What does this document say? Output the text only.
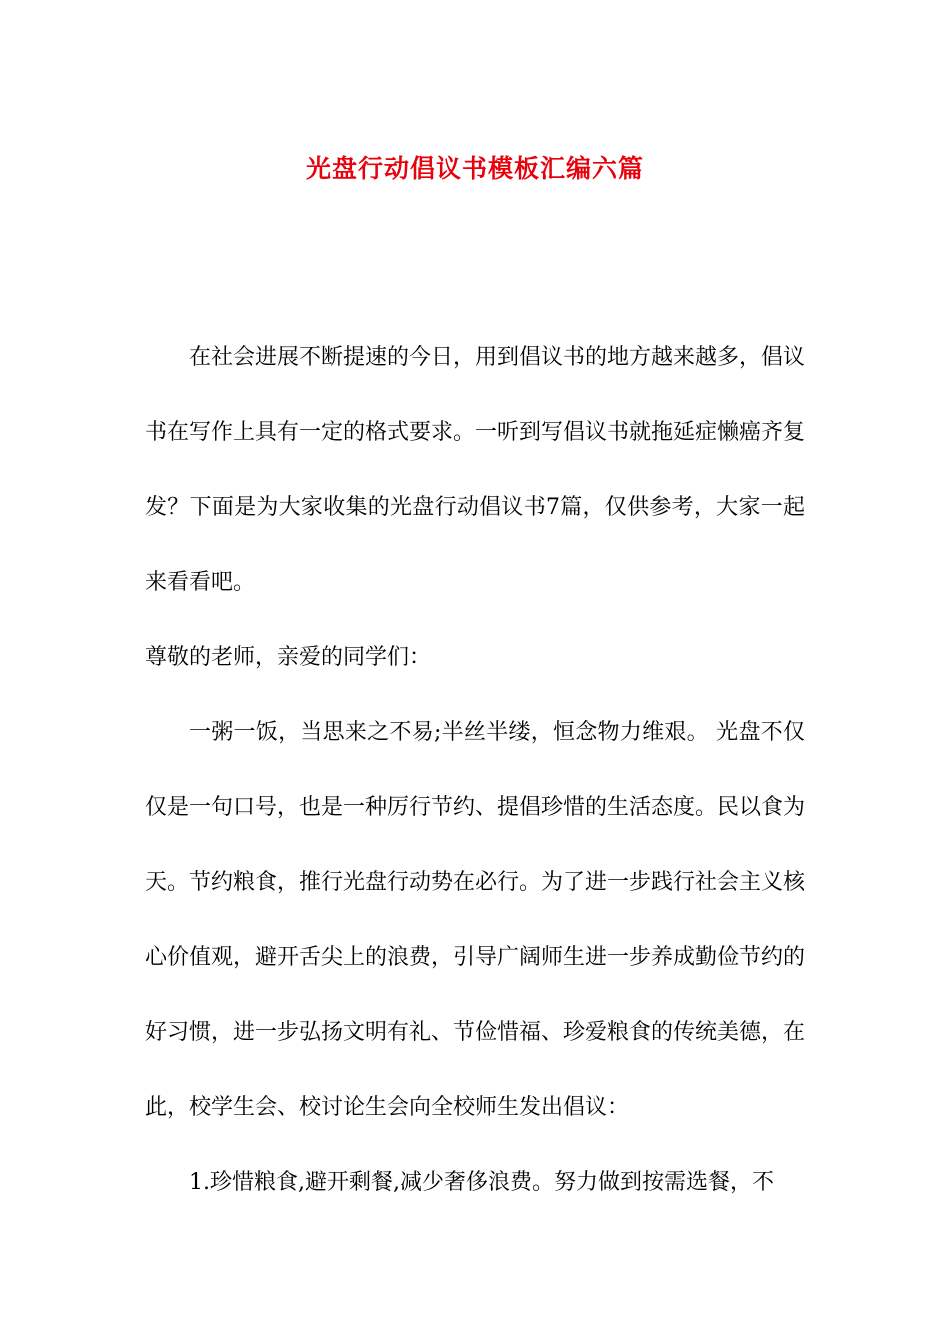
光盘行动倡议书模板汇编六篇

在社会进展不断提速的今日，用到倡议书的地方越来越多，倡议书在写作上具有一定的格式要求。一听到写倡议书就拖延症懒癌齐复发？下面是为大家收集的光盘行动倡议书7篇，仅供参考，大家一起来看看吧。

尊敬的老师，亲爱的同学们：

一粥一饭，当思来之不易;半丝半缕，恒念物力维艰。 光盘不仅仅是一句口号，也是一种厉行节约、提倡珍惜的生活态度。民以食为天。节约粮食，推行光盘行动势在必行。为了进一步践行社会主义核心价值观，避开舌尖上的浪费，引导广阔师生进一步养成勤俭节约的好习惯，进一步弘扬文明有礼、节俭惜福、珍爱粮食的传统美德，在此，校学生会、校讨论生会向全校师生发出倡议：

1.珍惜粮食,避开剩餐,减少奢侈浪费。努力做到按需选餐，不
